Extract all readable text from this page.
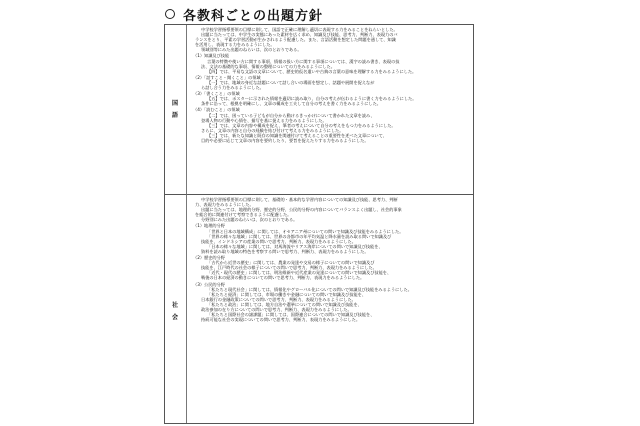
各教科ごとの出題方針
国
語
中学校学習指導要領の目標に則して、国語で正確に理解し適切に表現する力をみることをねらいとした。
出題に当たっては、中学生の実態にあった素材を広く求め、知識及び技能、思考力、判断力、表現力のバ
ランスをとり、平素の学習活動が生かされるよう配慮した。また、言語活動を想定した問題を通して、知識
を活用し、表現する力をみるようにした。
領域別等にみた出題のねらいは、次のとおりである。
（1）知識及び技能
言葉の特徴や使い方に関する事項、情報の扱い方に関する事項については、漢字の読み書き、表現の技
法、文法の基礎的な事項、情報の整理についての力をみるようにした。
【四】では、平易な文語の文章について、歴史的仮名遣いや古典の言葉の意味を理解する力をみるようにした。
（2）「話すこと・聞くこと」の領域
【一】では、地域の身近な話題について話し合いの場面を想定し、話題や展開を捉えなが
ら話し合う力をみるようにした。
（3）「書くこと」の領域
【五】では、ポスターに示された情報を適切に読み取り、自分の考えが伝わるように書く力をみるようにした。
条件に沿って、根拠を明確にし、文章の構成を工夫して自分の考えを書く力をみるようにした。
（4）「読むこと」の領域
【二】では、困っている子どもが自分から動けるきっかけについて書かれた文章を読み、
登場人物の行動や心情を、描写を基に捉える力をみるようにした。
【三】では、文章の内容や構成を捉え、筆者の考えについて自分の考えをもつ力をみるようにした。
さらに、文章の内容と自分の経験を結び付けて考える力をみるようにした。
【三】では、新たな知識と既存の知識を関連付けて考えることの重要性を述べた文章について、
目的や必要に応じて文章の内容を要約したり、要旨を捉えたりする力をみるようにした。
社
会
中学校学習指導要領の目標に則して、基礎的・基本的な学習内容についての知識及び技能、思考力、判断
力、表現力をみるようにした。
出題に当たっては、地理的分野、歴史的分野、公民的分野の内容についてバランスよく出題し、社会的事象
を総合的に関連付けて考察できるように配慮した。
分野別にみた出題のねらいは、次のとおりである。
（1）地理的分野
「世界と日本の地域構成」に関しては、オセアニア州についての問いで知識及び技能をみるようにした。
「世界の様々な地域」に関しては、世界の各都市の年平均気温と降水量を読み取る問いで知識及び
技能を、インドネシアの産業の問いで思考力、判断力、表現力をみるようにした。
「日本の様々な地域」に関しては、対馬海流やリアス海岸についての問いで知識及び技能を、
資料を読み取り地域の特色を考察する問いで思考力、判断力、表現力をみるようにした。
（2）歴史的分野
「古代から近世の歴史」に関しては、農業の発達や交易の様子についての問いで知識及び
技能を、江戸時代の社会の様子についての問いで思考力、判断力、表現力をみるようにした。
「近代・現代の歴史」に関しては、明治維新や近代産業の発達についての問いで知識及び技能を、
戦後の日本の経済の動きについての問いで思考力、判断力、表現力をみるようにした。
（3）公民的分野
「私たちと現代社会」に関しては、情報化やグローバル化についての問いで知識及び技能をみるようにした。
「私たちと経済」に関しては、市場の働きや金融についての問いで知識及び技能を、
日本銀行の金融政策についての問いで思考力、判断力、表現力をみるようにした。
「私たちと政治」に関しては、地方自治や選挙についての問いで知識及び技能を、
政治参加の在り方についての問いで思考力、判断力、表現力をみるようにした。
「私たちと国際社会の諸課題」に関しては、国際連合についての問いで知識及び技能を、
持続可能な社会の実現についての問いで思考力、判断力、表現力をみるようにした。
